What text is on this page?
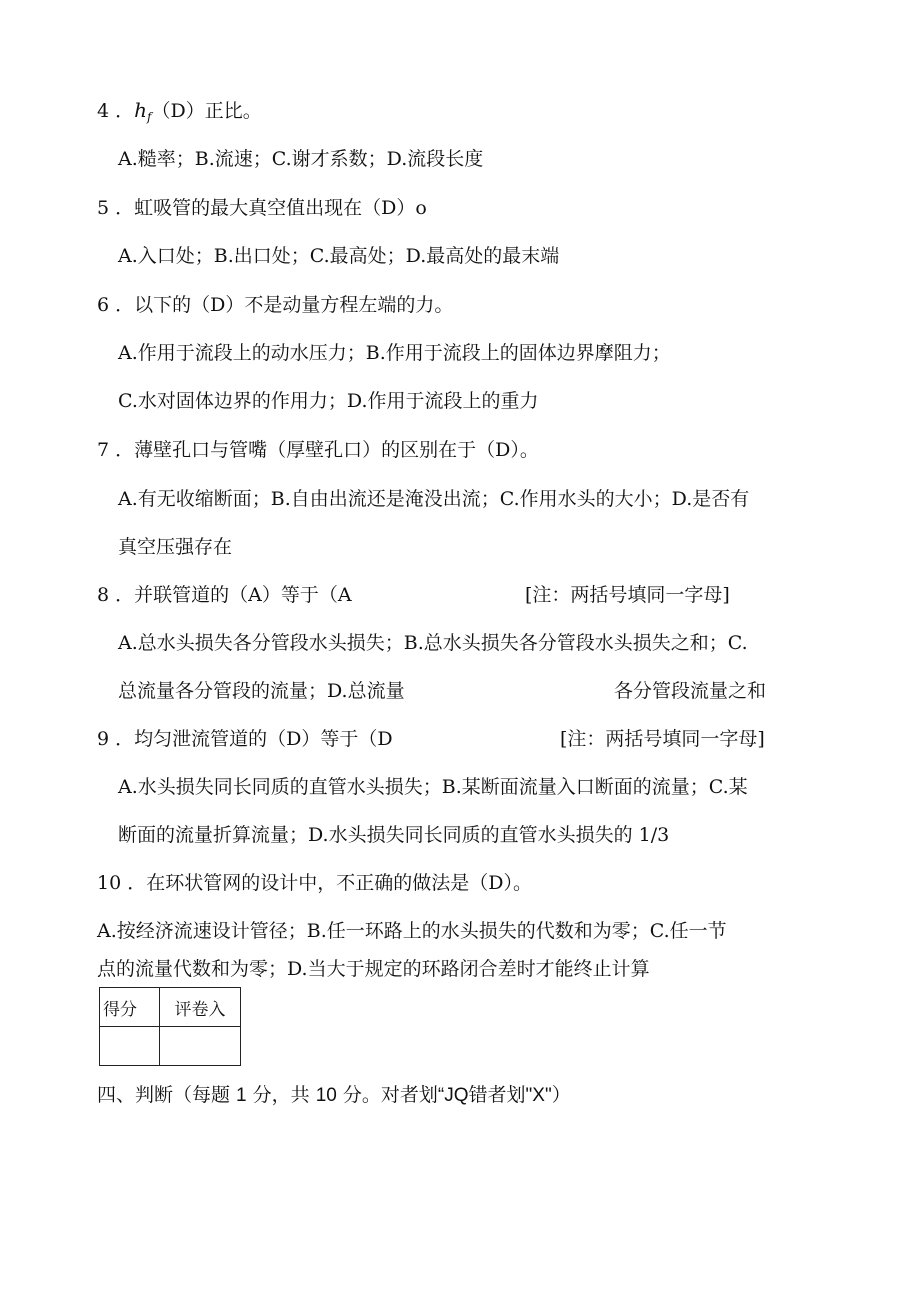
4 ．$h_f(D)$正比。
A.糙率；B.流速；C.谢才系数；D.流段长度
5 ．虹吸管的最大真空值出现在（D）o
A.入口处；B.出口处；C.最高处；D.最高处的最末端
6 ．以下的（D）不是动量方程左端的力。
A.作用于流段上的动水压力；B.作用于流段上的固体边界摩阻力；
C.水对固体边界的作用力；D.作用于流段上的重力
7 ．薄壁孔口与管嘴（厚壁孔口）的区别在于（D）。
A.有无收缩断面；B.自由出流还是淹没出流；C.作用水头的大小；D.是否有
真空压强存在
8 ．并联管道的（A）等于（A	[注：两括号填同一字母]
A.总水头损失各分管段水头损失；B.总水头损失各分管段水头损失之和；C.
总流量各分管段的流量；D.总流量	各分管段流量之和
9 ．均匀泄流管道的（D）等于（D	[注：两括号填同一字母]
A.水头损失同长同质的直管水头损失；B.某断面流量入口断面的流量；C.某
断面的流量折算流量；D.水头损失同长同质的直管水头损失的 1/3
10 ．在环状管网的设计中，不正确的做法是（D）。
A.按经济流速设计管径；B.任一环路上的水头损失的代数和为零；C.任一节
点的流量代数和为零；D.当大于规定的环路闭合差时才能终止计算
得分	评卷入

四、判断（每题 1 分，共 10 分。对者划“JQ错者划"X"）
